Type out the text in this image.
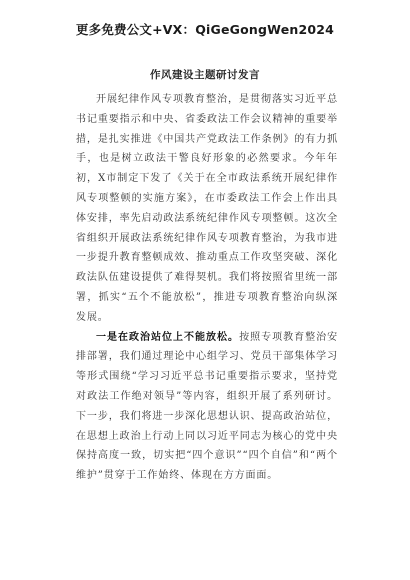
更多免费公文+VX：QiGeGongWen2024
作风建设主题研讨发言

开展纪律作风专项教育整治，是贯彻落实习近平总书记重要指示和中央、省委政法工作会议精神的重要举措，是扎实推进《中国共产党政法工作条例》的有力抓手，也是树立政法干警良好形象的必然要求。今年年初，X市制定下发了《关于在全市政法系统开展纪律作风专项整顿的实施方案》，在市委政法工作会上作出具体安排，率先启动政法系统纪律作风专项整顿。这次全省组织开展政法系统纪律作风专项教育整治，为我市进一步提升教育整顿成效、推动重点工作攻坚突破、深化政法队伍建设提供了难得契机。我们将按照省里统一部署，抓实“五个不能放松”，推进专项教育整治向纵深发展。

一是在政治站位上不能放松。按照专项教育整治安排部署，我们通过理论中心组学习、党员干部集体学习等形式围绕“学习习近平总书记重要指示要求，坚持党对政法工作绝对领导”等内容，组织开展了系列研讨。下一步，我们将进一步深化思想认识、提高政治站位，在思想上政治上行动上同以习近平同志为核心的党中央保持高度一致，切实把“四个意识”“四个自信”和“两个维护”贯穿于工作始终、体现在方方面面。
